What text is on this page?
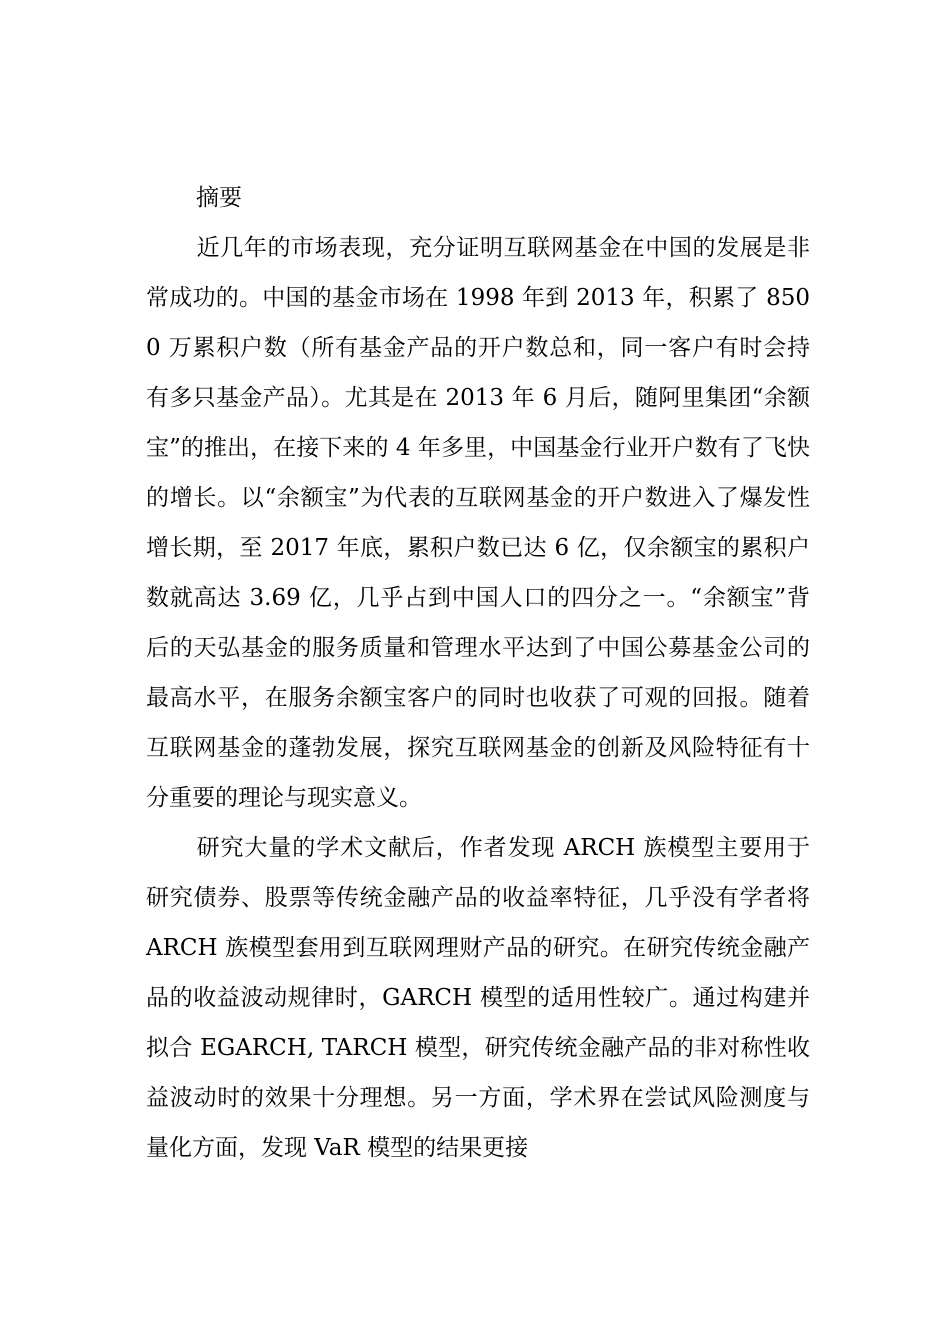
摘要

近几年的市场表现，充分证明互联网基金在中国的发展是非常成功的。中国的基金市场在 1998 年到 2013 年，积累了 8500 万累积户数（所有基金产品的开户数总和，同一客户有时会持有多只基金产品）。尤其是在 2013 年 6 月后，随阿里集团“余额宝”的推出，在接下来的 4 年多里，中国基金行业开户数有了飞快的增长。以“余额宝”为代表的互联网基金的开户数进入了爆发性增长期，至 2017 年底，累积户数已达 6 亿，仅余额宝的累积户数就高达 3.69 亿，几乎占到中国人口的四分之一。“余额宝”背后的天弘基金的服务质量和管理水平达到了中国公募基金公司的最高水平，在服务余额宝客户的同时也收获了可观的回报。随着互联网基金的蓬勃发展，探究互联网基金的创新及风险特征有十分重要的理论与现实意义。

研究大量的学术文献后，作者发现 ARCH 族模型主要用于研究债券、股票等传统金融产品的收益率特征，几乎没有学者将 ARCH 族模型套用到互联网理财产品的研究。在研究传统金融产品的收益波动规律时，GARCH 模型的适用性较广。通过构建并拟合 EGARCH, TARCH 模型，研究传统金融产品的非对称性收益波动时的效果十分理想。另一方面，学术界在尝试风险测度与量化方面，发现 VaR 模型的结果更接
